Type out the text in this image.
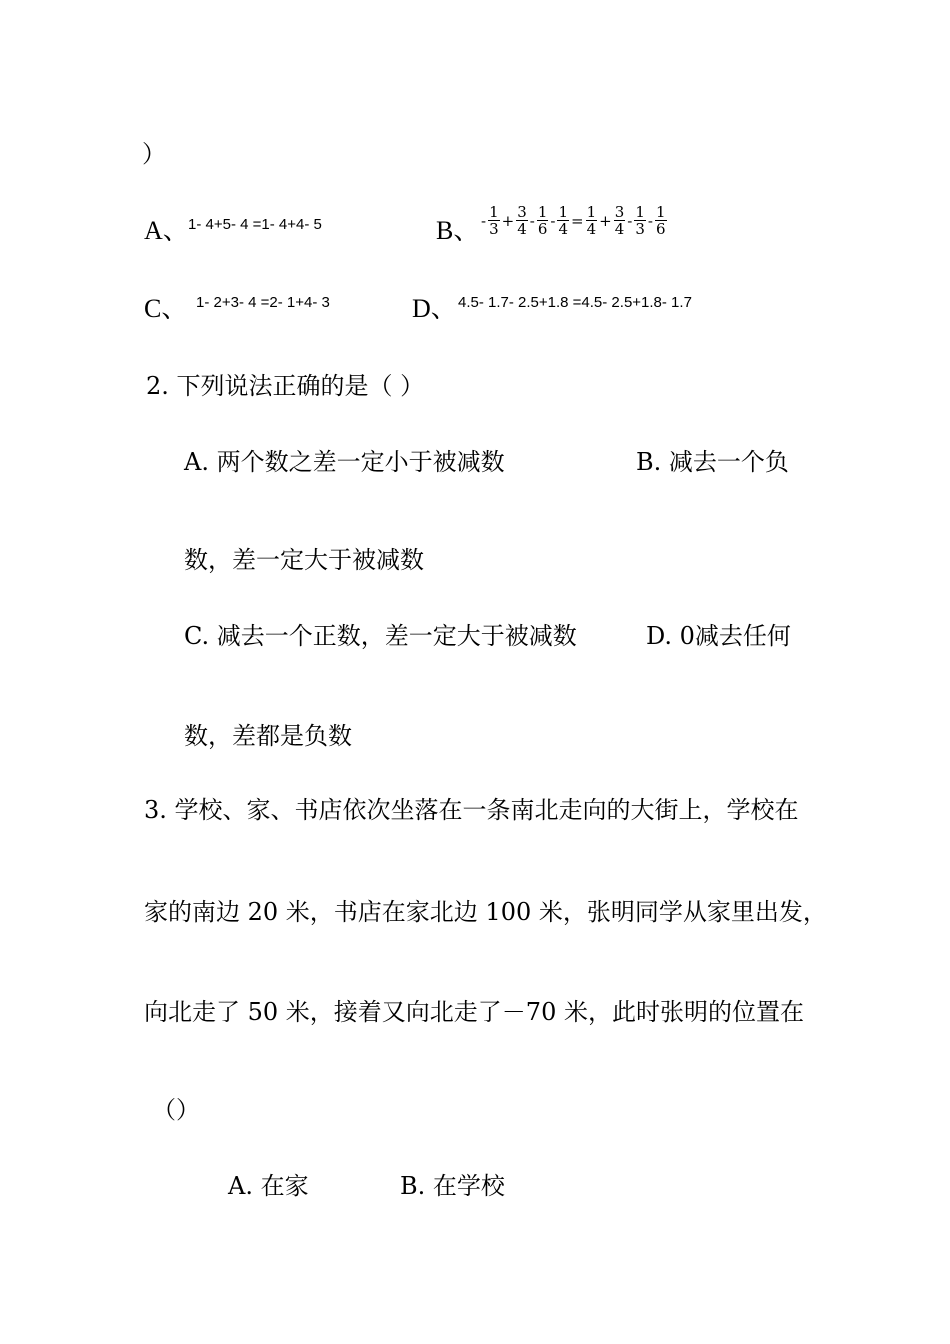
）
A、 1- 4+5- 4 =1- 4+4- 5	B、 - $\frac{1}{3} + \frac{3}{4} - \frac{1}{6} - \frac{1}{4} = \frac{1}{4} + \frac{3}{4} - \frac{1}{3} - \frac{1}{6}$
C、 1- 2+3- 4 =2- 1+4- 3	D、 4.5- 1.7- 2.5+1.8 =4.5- 2.5+1.8- 1.7
2. 下列说法正确的是（ ）
A. 两个数之差一定小于被减数	B. 减去一个负
数，差一定大于被减数
C. 减去一个正数，差一定大于被减数	D. 0减去任何
数，差都是负数
3. 学校、家、书店依次坐落在一条南北走向的大街上，学校在
家的南边 20 米，书店在家北边 100 米，张明同学从家里出发，
向北走了 50 米，接着又向北走了－70 米，此时张明的位置在
（）
A. 在家	B. 在学校
